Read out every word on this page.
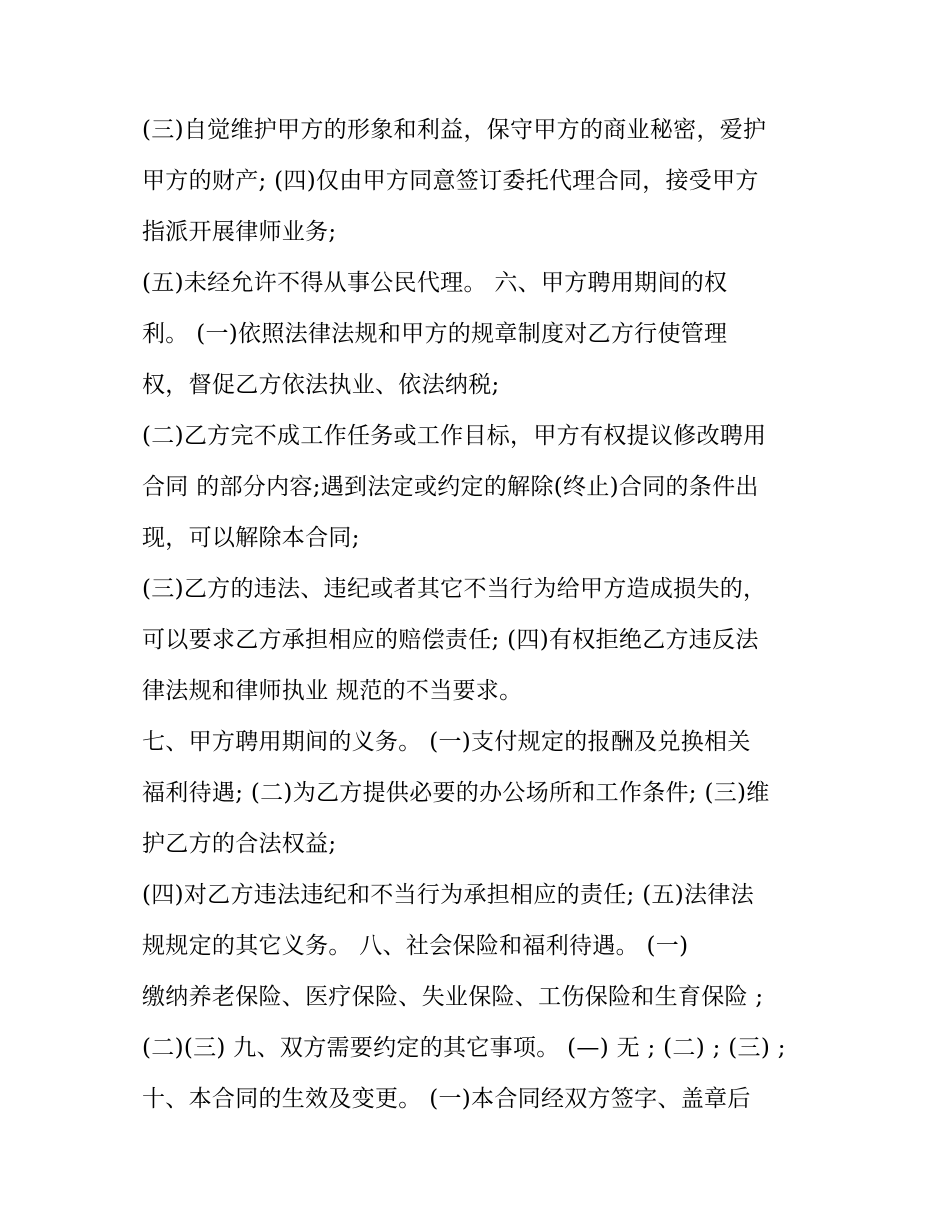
(三)自觉维护甲方的形象和利益，保守甲方的商业秘密，爱护
甲方的财产; (四)仅由甲方同意签订委托代理合同，接受甲方
指派开展律师业务;
(五)未经允许不得从事公民代理。 六、甲方聘用期间的权
利。 (一)依照法律法规和甲方的规章制度对乙方行使管理
权，督促乙方依法执业、依法纳税;
(二)乙方完不成工作任务或工作目标，甲方有权提议修改聘用
合同 的部分内容;遇到法定或约定的解除(终止)合同的条件出
现，可以解除本合同;
(三)乙方的违法、违纪或者其它不当行为给甲方造成损失的，
可以要求乙方承担相应的赔偿责任; (四)有权拒绝乙方违反法
律法规和律师执业 规范的不当要求。
七、甲方聘用期间的义务。 (一)支付规定的报酬及兑换相关
福利待遇; (二)为乙方提供必要的办公场所和工作条件; (三)维
护乙方的合法权益;
(四)对乙方违法违纪和不当行为承担相应的责任; (五)法律法
规规定的其它义务。 八、社会保险和福利待遇。 (一)
缴纳养老保险、医疗保险、失业保险、工伤保险和生育保险 ;
(二)(三) 九、双方需要约定的其它事项。 (—) 无 ; (二) ; (三) ;
十、本合同的生效及变更。 (一)本合同经双方签字、盖章后
